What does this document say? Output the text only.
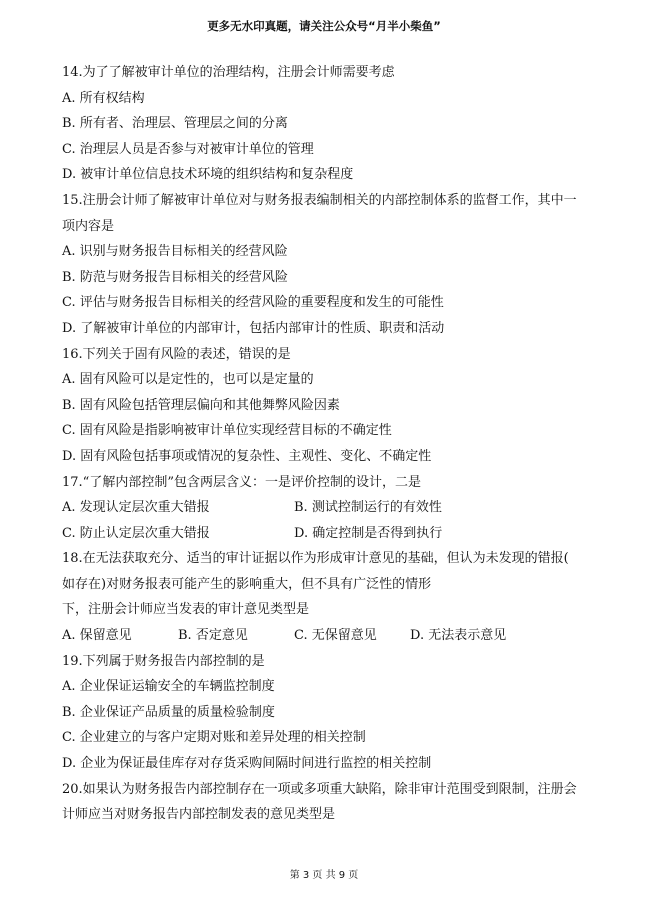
更多无水印真题，请关注公众号“月半小柴鱼”
14.为了了解被审计单位的治理结构，注册会计师需要考虑
A. 所有权结构
B. 所有者、治理层、管理层之间的分离
C. 治理层人员是否参与对被审计单位的管理
D. 被审计单位信息技术环境的组织结构和复杂程度
15.注册会计师了解被审计单位对与财务报表编制相关的内部控制体系的监督工作，其中一
项内容是
A. 识别与财务报告目标相关的经营风险
B. 防范与财务报告目标相关的经营风险
C. 评估与财务报告目标相关的经营风险的重要程度和发生的可能性
D. 了解被审计单位的内部审计，包括内部审计的性质、职责和活动
16.下列关于固有风险的表述，错误的是
A. 固有风险可以是定性的，也可以是定量的
B. 固有风险包括管理层偏向和其他舞弊风险因素
C. 固有风险是指影响被审计单位实现经营目标的不确定性
D. 固有风险包括事项或情况的复杂性、主观性、变化、不确定性
17.“了解内部控制”包含两层含义：一是评价控制的设计，二是
A. 发现认定层次重大错报	B. 测试控制运行的有效性
C. 防止认定层次重大错报	D. 确定控制是否得到执行
18.在无法获取充分、适当的审计证据以作为形成审计意见的基础，但认为未发现的错报(
如存在)对财务报表可能产生的影响重大，但不具有广泛性的情形
下，注册会计师应当发表的审计意见类型是
A. 保留意见	B. 否定意见	C. 无保留意见	D. 无法表示意见
19.下列属于财务报告内部控制的是
A. 企业保证运输安全的车辆监控制度
B. 企业保证产品质量的质量检验制度
C. 企业建立的与客户定期对账和差异处理的相关控制
D. 企业为保证最佳库存对存货采购间隔时间进行监控的相关控制
20.如果认为财务报告内部控制存在一项或多项重大缺陷，除非审计范围受到限制，注册会
计师应当对财务报告内部控制发表的意见类型是
第 3 页 共 9 页
